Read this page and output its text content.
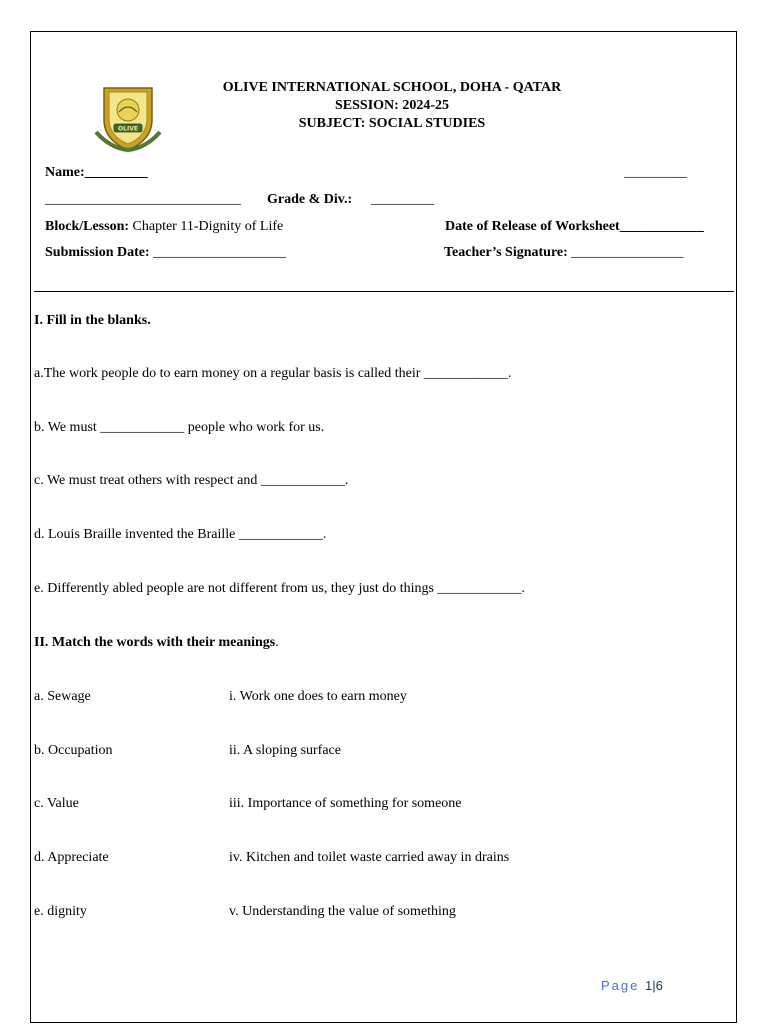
OLIVE
OLIVE INTERNATIONAL SCHOOL, DOHA - QATAR
SESSION: 2024-25
SUBJECT: SOCIAL STUDIES
Name:_________	_________
____________________________ Grade & Div.: _________
Block/Lesson: Chapter 11-Dignity of Life	Date of Release of Worksheet____________
Submission Date: ___________________	Teacher’s Signature: ________________
I. Fill in the blanks.
a.The work people do to earn money on a regular basis is called their ____________.
b. We must ____________ people who work for us.
c. We must treat others with respect and ____________.
d. Louis Braille invented the Braille ____________.
e. Differently abled people are not different from us, they just do things ____________.
II. Match the words with their meanings.
a. Sewage	i. Work one does to earn money
b. Occupation	ii. A sloping surface
c. Value	iii. Importance of something for someone
d. Appreciate	iv. Kitchen and toilet waste carried away in drains
e. dignity	v. Understanding the value of something
Page 1|6
